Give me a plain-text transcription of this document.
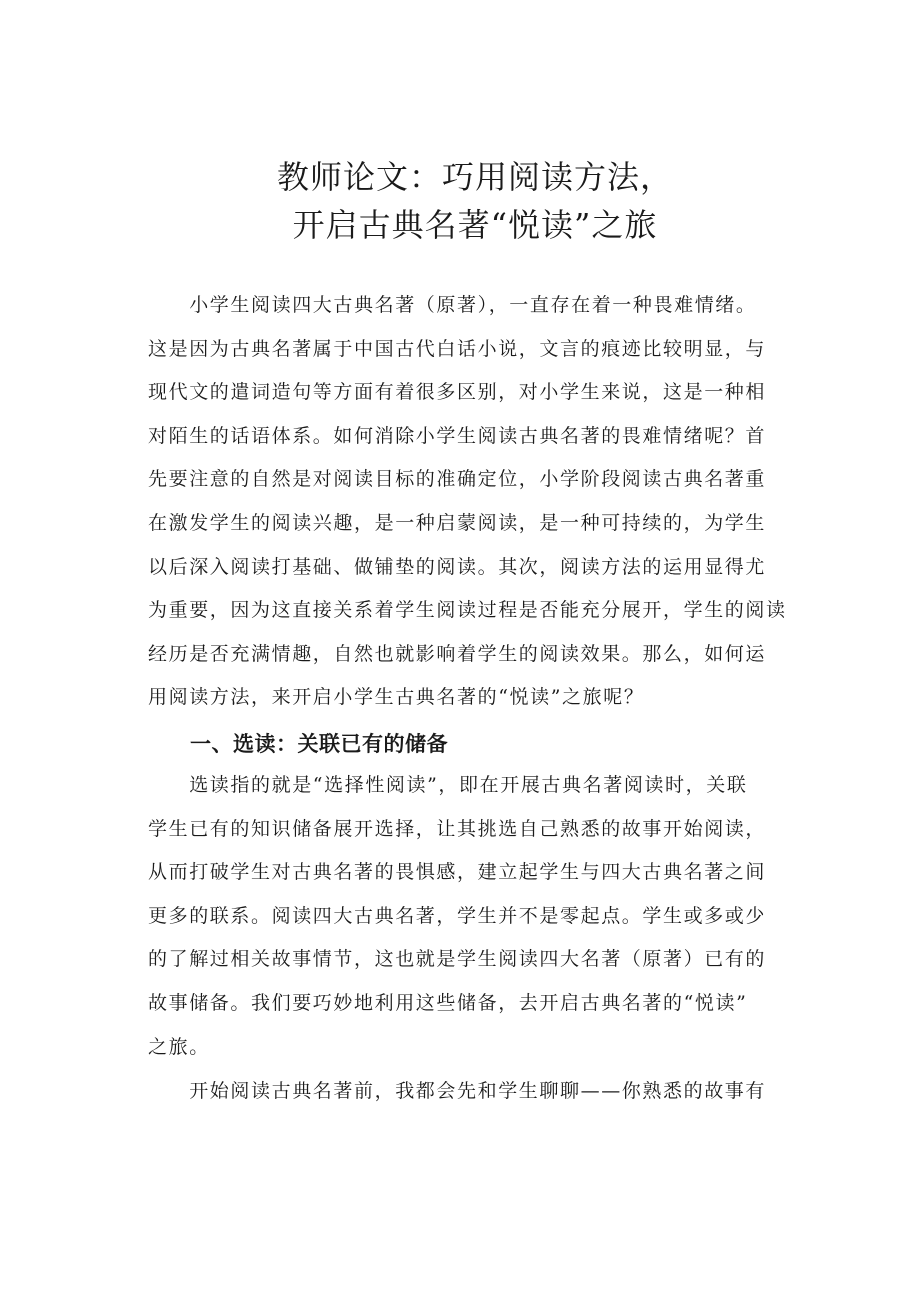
教师论文：巧用阅读方法，
开启古典名著“悦读”之旅
　　小学生阅读四大古典名著（原著），一直存在着一种畏难情绪。
这是因为古典名著属于中国古代白话小说，文言的痕迹比较明显，与
现代文的遣词造句等方面有着很多区别，对小学生来说，这是一种相
对陌生的话语体系。如何消除小学生阅读古典名著的畏难情绪呢？首
先要注意的自然是对阅读目标的准确定位，小学阶段阅读古典名著重
在激发学生的阅读兴趣，是一种启蒙阅读，是一种可持续的，为学生
以后深入阅读打基础、做铺垫的阅读。其次，阅读方法的运用显得尤
为重要，因为这直接关系着学生阅读过程是否能充分展开，学生的阅读
经历是否充满情趣，自然也就影响着学生的阅读效果。那么，如何运
用阅读方法，来开启小学生古典名著的“悦读”之旅呢？
一、选读：关联已有的储备
　　选读指的就是“选择性阅读”，即在开展古典名著阅读时，关联
学生已有的知识储备展开选择，让其挑选自己熟悉的故事开始阅读，
从而打破学生对古典名著的畏惧感，建立起学生与四大古典名著之间
更多的联系。阅读四大古典名著，学生并不是零起点。学生或多或少
的了解过相关故事情节，这也就是学生阅读四大名著（原著）已有的
故事储备。我们要巧妙地利用这些储备，去开启古典名著的“悦读”
之旅。
　　开始阅读古典名著前，我都会先和学生聊聊——你熟悉的故事有
